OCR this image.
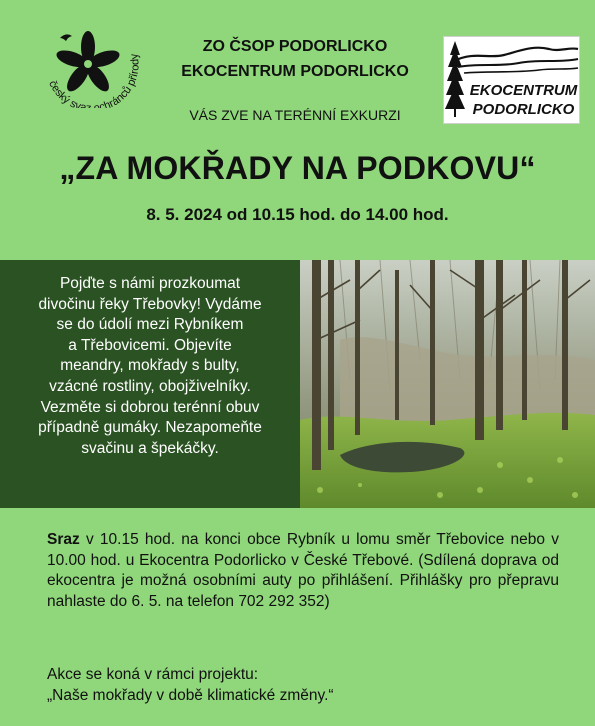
český sva chránců přírody
ZO ČSOP PODORLICKO
EKOCENTRUM PODORLICKO
VÁS ZVE NA TERÉNNÍ EXKURZI
EKOCENTRUM
PODORLICKO
„ZA MOKŘADY NA PODKOVU“
8. 5. 2024 od 10.15 hod. do 14.00 hod.
Pojďte s námi prozkoumat
divočinu řeky Třebovky! Vydáme
se do údolí mezi Rybníkem
a Třebovicemi. Objevíte
meandry, mokřady s bulty,
vzácné rostliny, obojživelníky.
Vezměte si dobrou terénní obuv
případně gumáky. Nezapomeňte
svačinu a špekáčky.
Sraz v 10.15 hod. na konci obce Rybník u lomu směr Třebovice nebo v 10.00 hod. u Ekocentra Podorlicko v České Třebové. (Sdílená doprava od ekocentra je možná osobními auty po přihlášení. Přihlášky pro přepravu nahlaste do 6. 5. na telefon 702 292 352)
Akce se koná v rámci projektu:
„Naše mokřady v době klimatické změny.“
